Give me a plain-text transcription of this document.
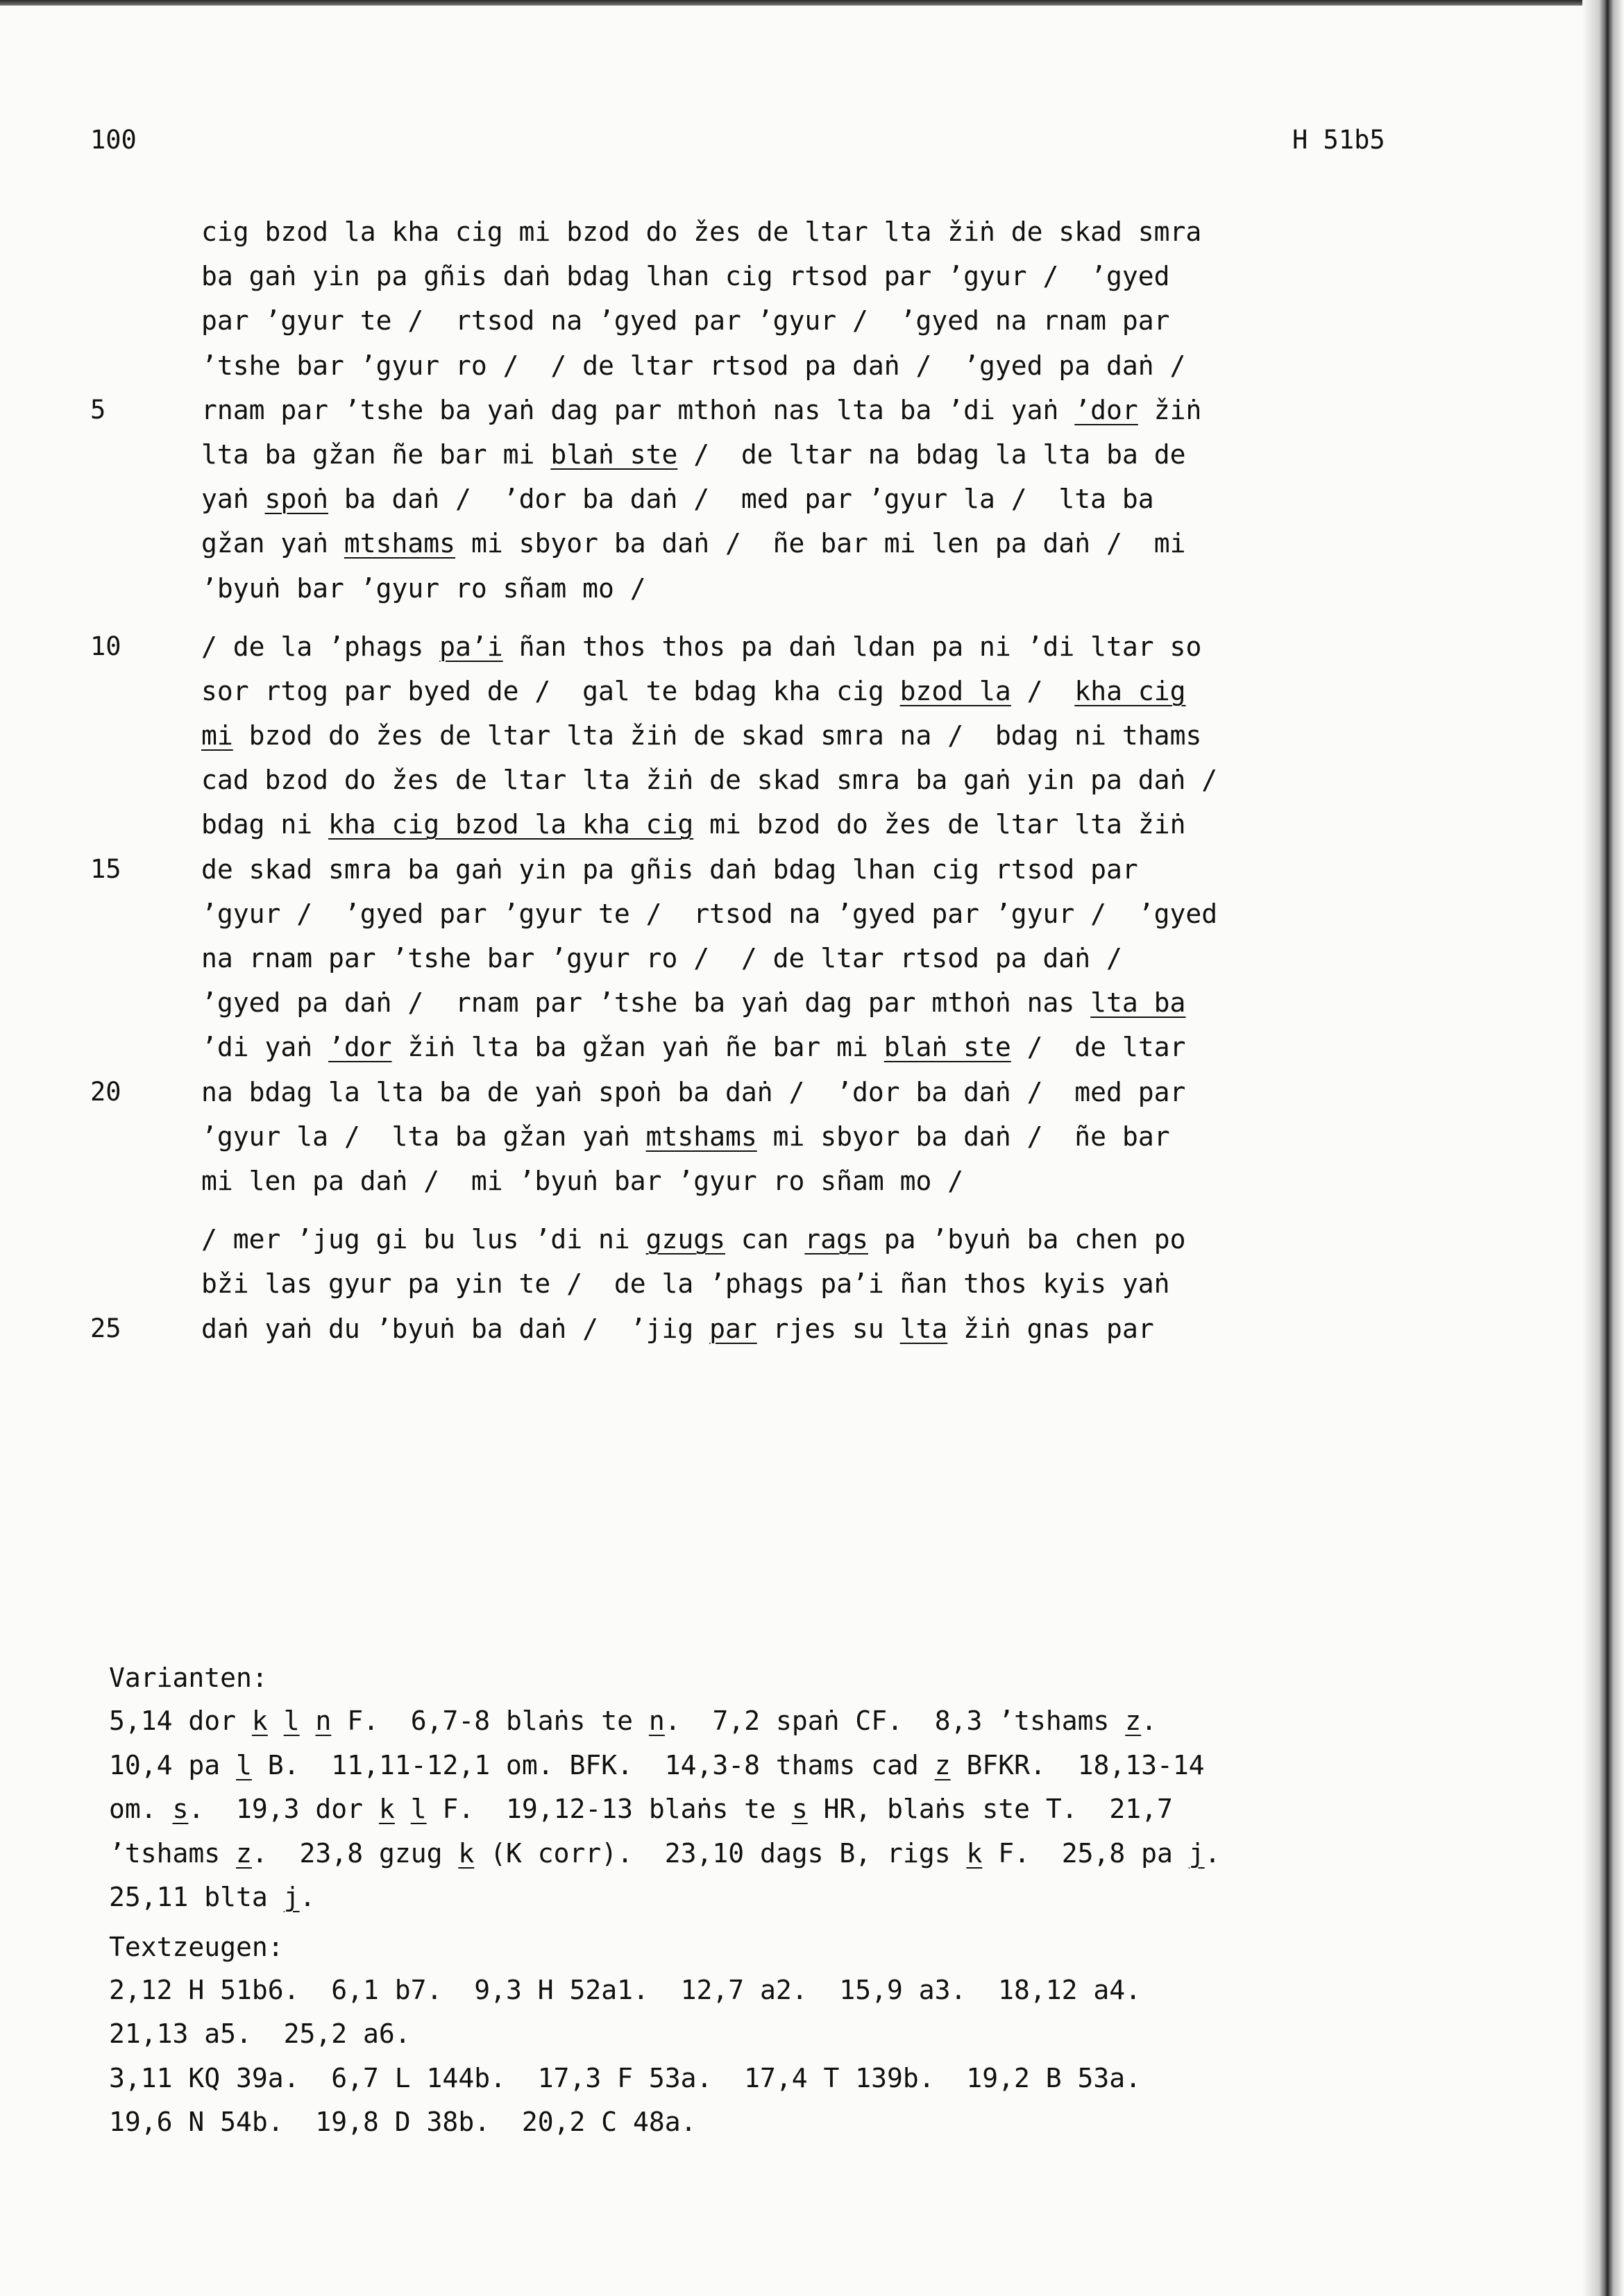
100	H 51b5
cig bzod la kha cig mi bzod do žes de ltar lta žiṅ de skad smra
ba gaṅ yin pa gñis daṅ bdag lhan cig rtsod par ’gyur /  ’gyed
par ’gyur te /  rtsod na ’gyed par ’gyur /  ’gyed na rnam par
’tshe bar ’gyur ro /  / de ltar rtsod pa daṅ /  ’gyed pa daṅ /
rnam par ’tshe ba yaṅ dag par mthoṅ nas lta ba ’di yaṅ ’dor žiṅ
lta ba gžan ñe bar mi blaṅ ste /  de ltar na bdag la lta ba de
yaṅ spoṅ ba daṅ /  ’dor ba daṅ /  med par ’gyur la /  lta ba
gžan yaṅ mtshams mi sbyor ba daṅ /  ñe bar mi len pa daṅ /  mi
’byuṅ bar ’gyur ro sñam mo /
/ de la ’phags pa’i ñan thos thos pa daṅ ldan pa ni ’di ltar so
sor rtog par byed de /  gal te bdag kha cig bzod la /  kha cig
mi bzod do žes de ltar lta žiṅ de skad smra na /  bdag ni thams
cad bzod do žes de ltar lta žiṅ de skad smra ba gaṅ yin pa daṅ /
bdag ni kha cig bzod la kha cig mi bzod do žes de ltar lta žiṅ
de skad smra ba gaṅ yin pa gñis daṅ bdag lhan cig rtsod par
’gyur /  ’gyed par ’gyur te /  rtsod na ’gyed par ’gyur /  ’gyed
na rnam par ’tshe bar ’gyur ro /  / de ltar rtsod pa daṅ /
’gyed pa daṅ /  rnam par ’tshe ba yaṅ dag par mthoṅ nas lta ba
’di yaṅ ’dor žiṅ lta ba gžan yaṅ ñe bar mi blaṅ ste /  de ltar
na bdag la lta ba de yaṅ spoṅ ba daṅ /  ’dor ba daṅ /  med par
’gyur la /  lta ba gžan yaṅ mtshams mi sbyor ba daṅ /  ñe bar
mi len pa daṅ /  mi ’byuṅ bar ’gyur ro sñam mo /
/ mer ’jug gi bu lus ’di ni gzugs can rags pa ’byuṅ ba chen po
bži las gyur pa yin te /  de la ’phags pa’i ñan thos kyis yaṅ
daṅ yaṅ du ’byuṅ ba daṅ /  ’jig par rjes su lta žiṅ gnas par
5
10
15
20
25
Varianten:
5,14 dor k l n F.  6,7-8 blaṅs te n.  7,2 spaṅ CF.  8,3 ’tshams z.
10,4 pa l B.  11,11-12,1 om. BFK.  14,3-8 thams cad z BFKR.  18,13-14
om. s.  19,3 dor k l F.  19,12-13 blaṅs te s HR, blaṅs ste T.  21,7
’tshams z.  23,8 gzug k (K corr).  23,10 dags B, rigs k F.  25,8 pa j.
25,11 blta j.
Textzeugen:
2,12 H 51b6.  6,1 b7.  9,3 H 52a1.  12,7 a2.  15,9 a3.  18,12 a4.
21,13 a5.  25,2 a6.
3,11 KQ 39a.  6,7 L 144b.  17,3 F 53a.  17,4 T 139b.  19,2 B 53a.
19,6 N 54b.  19,8 D 38b.  20,2 C 48a.
